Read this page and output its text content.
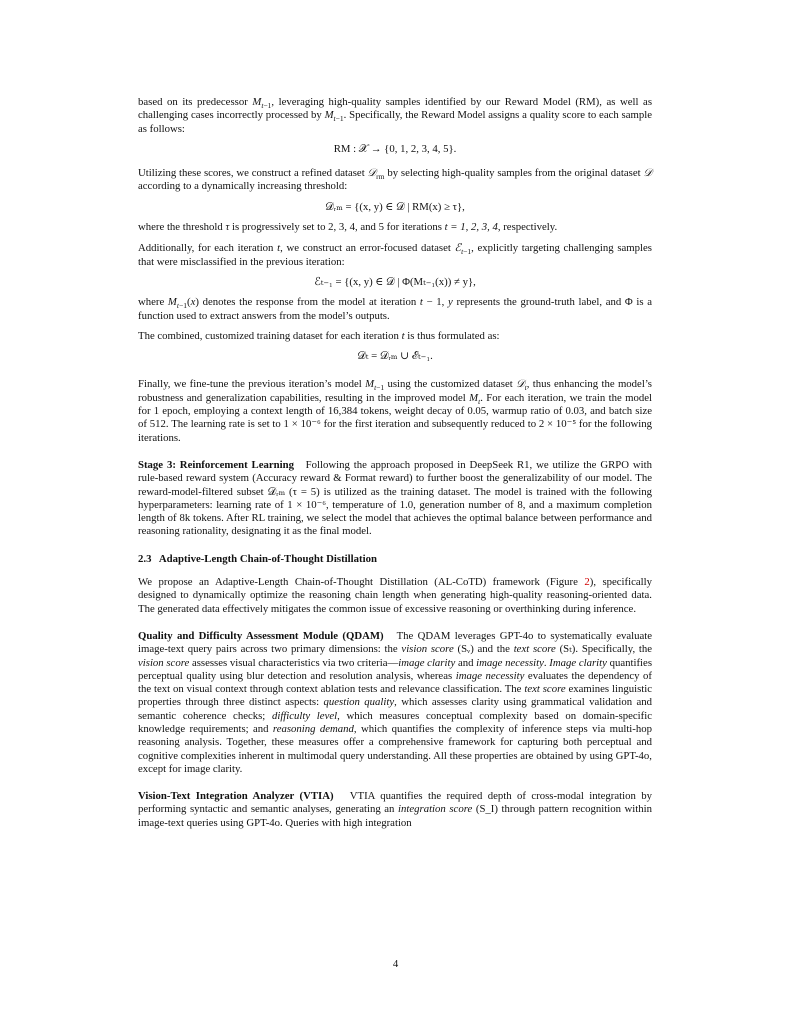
based on its predecessor $M_{t-1}$, leveraging high-quality samples identified by our Reward Model (RM), as well as challenging cases incorrectly processed by $M_{t-1}$. Specifically, the Reward Model assigns a quality score to each sample as follows:

RM : 𝒳 → {0, 1, 2, 3, 4, 5}.

Utilizing these scores, we construct a refined dataset 𝒟$_{rm}$ by selecting high-quality samples from the original dataset 𝒟 according to a dynamically increasing threshold:

𝒟ᵣₘ = {(x, y) ∈ 𝒟 | RM(x) ≥ τ},

where the threshold τ is progressively set to 2, 3, 4, and 5 for iterations t = 1, 2, 3, 4, respectively.

Additionally, for each iteration t, we construct an error-focused dataset ℰ$_{t-1}$, explicitly targeting challenging samples that were misclassified in the previous iteration:

ℰₜ₋₁ = {(x, y) ∈ 𝒟 | Φ(Mₜ₋₁(x)) ≠ y},

where $M_{t-1}(x)$ denotes the response from the model at iteration t − 1, y represents the ground-truth label, and Φ is a function used to extract answers from the model’s outputs.

The combined, customized training dataset for each iteration t is thus formulated as:

𝒟ₜ = 𝒟ᵣₘ ∪ ℰₜ₋₁.

Finally, we fine-tune the previous iteration’s model $M_{t-1}$ using the customized dataset 𝒟$_t$, thus enhancing the model’s robustness and generalization capabilities, resulting in the improved model $M_t$. For each iteration, we train the model for 1 epoch, employing a context length of 16,384 tokens, weight decay of 0.05, warmup ratio of 0.03, and batch size of 512. The learning rate is set to 1 × 10⁻⁶ for the first iteration and subsequently reduced to 2 × 10⁻⁵ for the following iterations.

Stage 3: Reinforcement Learning Following the approach proposed in DeepSeek R1, we utilize the GRPO with rule-based reward system (Accuracy reward & Format reward) to further boost the generalizability of our model. The reward-model-filtered subset 𝒟ᵣₘ (τ = 5) is utilized as the training dataset. The model is trained with the following hyperparameters: learning rate of 1 × 10⁻⁶, temperature of 1.0, generation number of 8, and a maximum completion length of 8k tokens. After RL training, we select the model that achieves the optimal balance between performance and reasoning rationality, designating it as the final model.

2.3   Adaptive-Length Chain-of-Thought Distillation

We propose an Adaptive-Length Chain-of-Thought Distillation (AL-CoTD) framework (Figure 2), specifically designed to dynamically optimize the reasoning chain length when generating high-quality reasoning-oriented data. The generated data effectively mitigates the common issue of excessive reasoning or overthinking during inference.

Quality and Difficulty Assessment Module (QDAM) The QDAM leverages GPT-4o to systematically evaluate image-text query pairs across two primary dimensions: the vision score (Sᵥ) and the text score (Sₜ). Specifically, the vision score assesses visual characteristics via two criteria—image clarity and image necessity. Image clarity quantifies perceptual quality using blur detection and resolution analysis, whereas image necessity evaluates the dependency of the text on visual context through context ablation tests and relevance classification. The text score examines linguistic properties through three distinct aspects: question quality, which assesses clarity using grammatical validation and semantic coherence checks; difficulty level, which measures conceptual complexity based on domain-specific knowledge requirements; and reasoning demand, which quantifies the complexity of inference steps via multi-hop reasoning analysis. Together, these measures offer a comprehensive framework for capturing both perceptual and cognitive complexities inherent in multimodal query understanding. All these properties are obtained by using GPT-4o, except for image clarity.

Vision-Text Integration Analyzer (VTIA) VTIA quantifies the required depth of cross-modal integration by performing syntactic and semantic analyses, generating an integration score (S_I) through pattern recognition within image-text queries using GPT-4o. Queries with high integration

4
